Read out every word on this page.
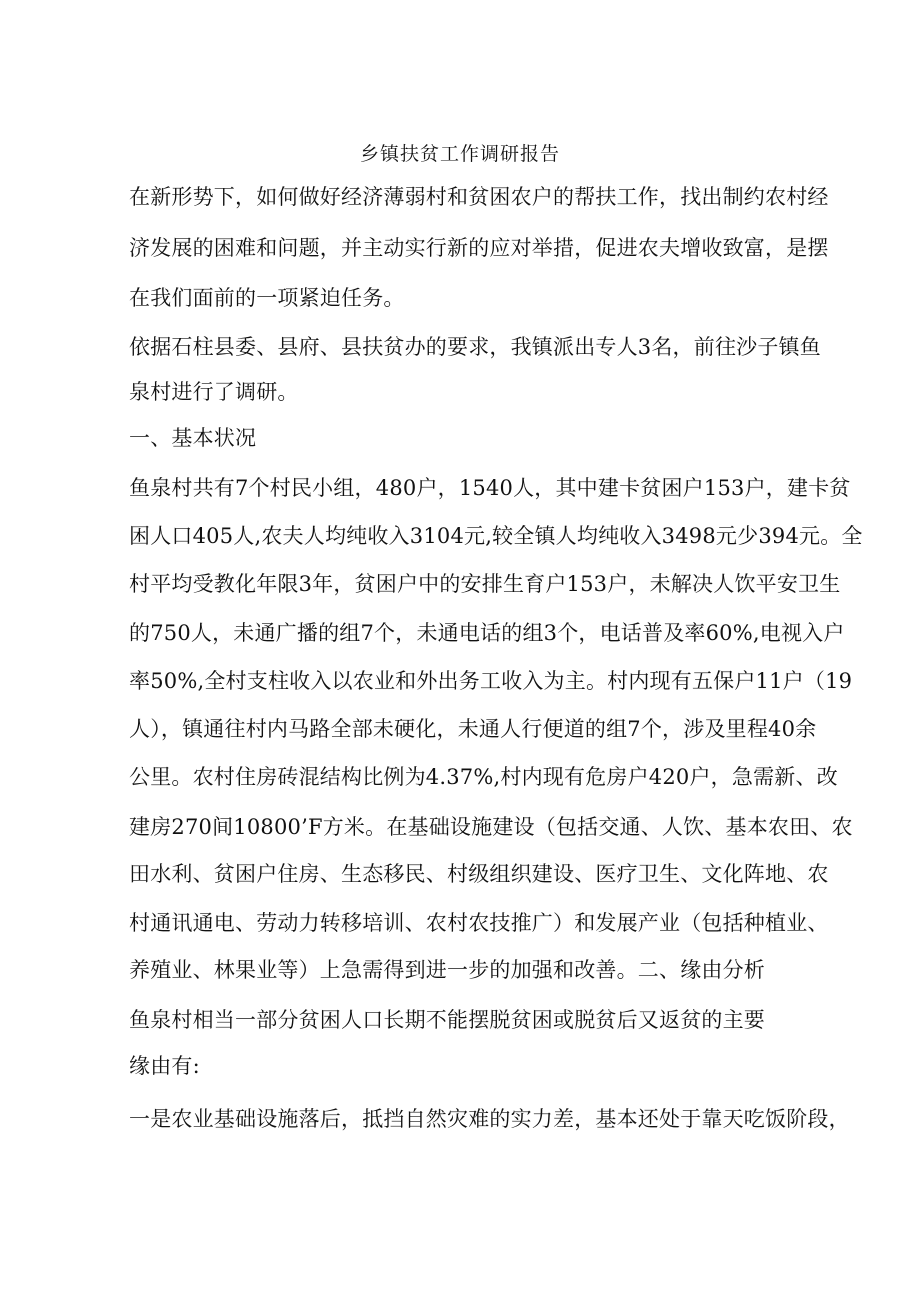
乡镇扶贫工作调研报告
在新形势下，如何做好经济薄弱村和贫困农户的帮扶工作，找出制约农村经
济发展的困难和问题，并主动实行新的应对举措，促进农夫增收致富，是摆
在我们面前的一项紧迫任务。
依据石柱县委、县府、县扶贫办的要求，我镇派出专人3名，前往沙子镇鱼
泉村进行了调研。
一、基本状况
鱼泉村共有7个村民小组，480户，1540人，其中建卡贫困户153户，建卡贫
困人口405人,农夫人均纯收入3104元,较全镇人均纯收入3498元少394元。全
村平均受教化年限3年，贫困户中的安排生育户153户，未解决人饮平安卫生
的750人，未通广播的组7个，未通电话的组3个，电话普及率60%,电视入户
率50%,全村支柱收入以农业和外出务工收入为主。村内现有五保户11户（19
人），镇通往村内马路全部未硬化，未通人行便道的组7个，涉及里程40余
公里。农村住房砖混结构比例为4.37%,村内现有危房户420户，急需新、改
建房270间10800’F方米。在基础设施建设（包括交通、人饮、基本农田、农
田水利、贫困户住房、生态移民、村级组织建设、医疗卫生、文化阵地、农
村通讯通电、劳动力转移培训、农村农技推广）和发展产业（包括种植业、
养殖业、林果业等）上急需得到进一步的加强和改善。二、缘由分析
鱼泉村相当一部分贫困人口长期不能摆脱贫困或脱贫后又返贫的主要
缘由有:
一是农业基础设施落后，抵挡自然灾难的实力差，基本还处于靠天吃饭阶段，
